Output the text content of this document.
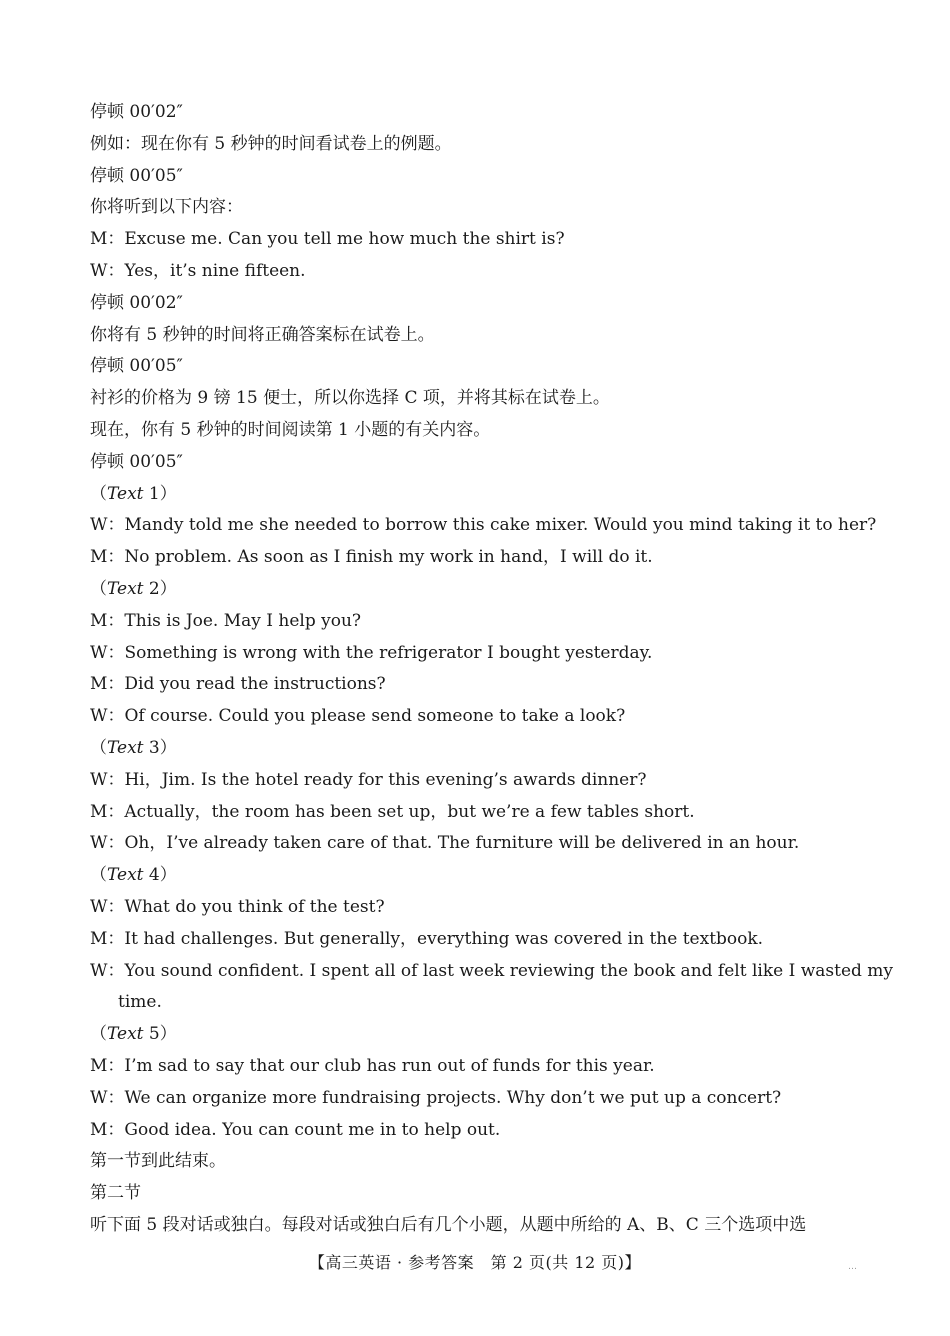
停顿 00′02″
例如：现在你有 5 秒钟的时间看试卷上的例题。
停顿 00′05″
你将听到以下内容：
M：Excuse me. Can you tell me how much the shirt is?
W：Yes，it’s nine fifteen.
停顿 00′02″
你将有 5 秒钟的时间将正确答案标在试卷上。
停顿 00′05″
衬衫的价格为 9 镑 15 便士，所以你选择 C 项，并将其标在试卷上。
现在，你有 5 秒钟的时间阅读第 1 小题的有关内容。
停顿 00′05″
（Text 1）
W：Mandy told me she needed to borrow this cake mixer. Would you mind taking it to her?
M：No problem. As soon as I finish my work in hand，I will do it.
（Text 2）
M：This is Joe. May I help you?
W：Something is wrong with the refrigerator I bought yesterday.
M：Did you read the instructions?
W：Of course. Could you please send someone to take a look?
（Text 3）
W：Hi，Jim. Is the hotel ready for this evening’s awards dinner?
M：Actually，the room has been set up，but we’re a few tables short.
W：Oh，I’ve already taken care of that. The furniture will be delivered in an hour.
（Text 4）
W：What do you think of the test?
M：It had challenges. But generally，everything was covered in the textbook.
W：You sound confident. I spent all of last week reviewing the book and felt like I wasted my
time.
（Text 5）
M：I’m sad to say that our club has run out of funds for this year.
W：We can organize more fundraising projects. Why don’t we put up a concert?
M：Good idea. You can count me in to help out.
第一节到此结束。
第二节
听下面 5 段对话或独白。每段对话或独白后有几个小题，从题中所给的 A、B、C 三个选项中选
【高三英语 · 参考答案　第 2 页(共 12 页)】	…
